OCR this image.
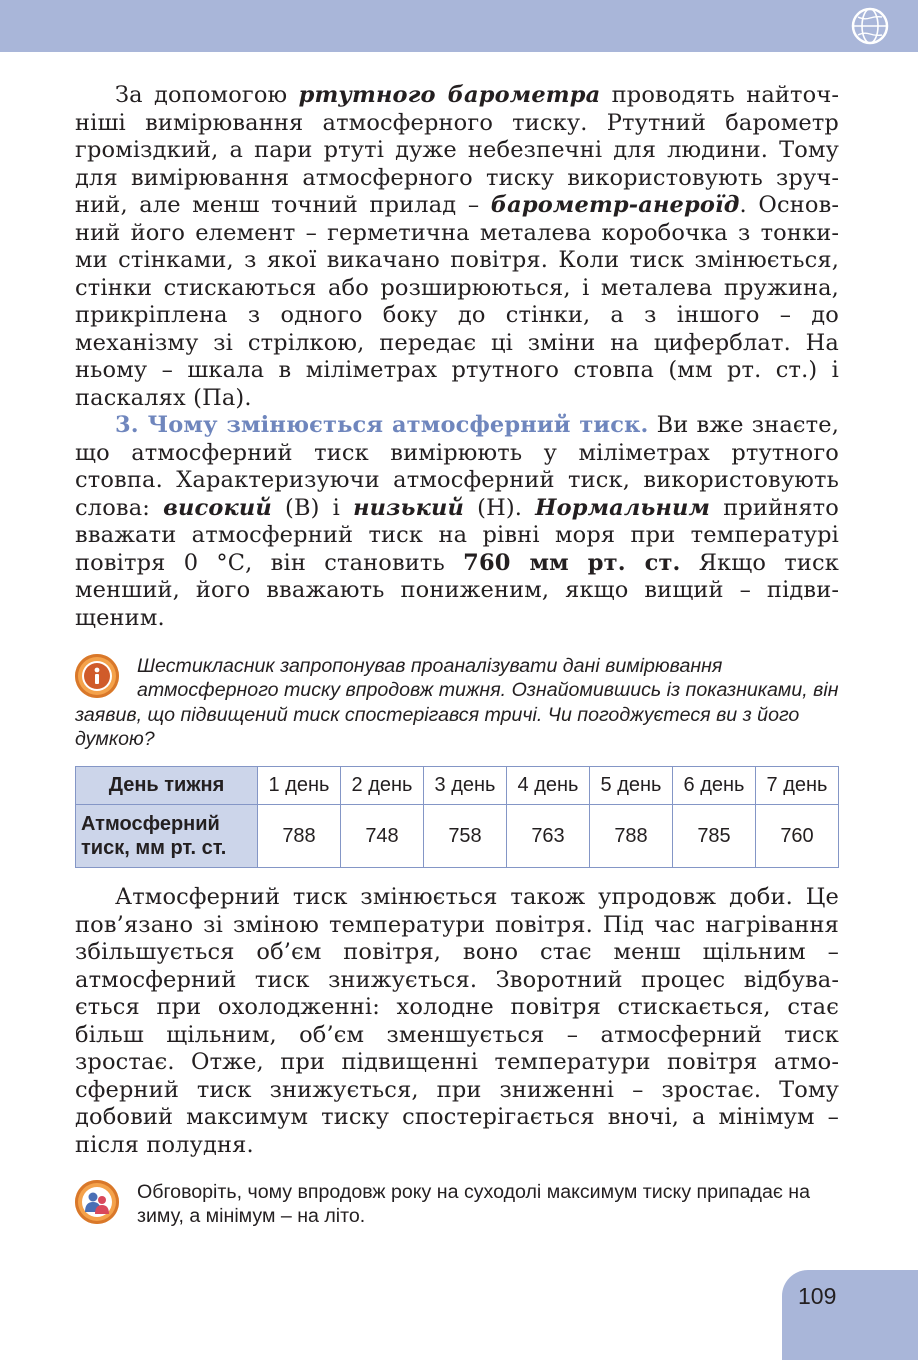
За допомогою ртутного барометра проводять найточніші вимірювання атмосферного тиску. Ртутний барометр громіздкий, а пари ртуті дуже небезпечні для людини. Тому для вимірювання атмосферного тиску використовують зручний, але менш точний прилад – барометр-анероїд. Основний його елемент – герметична металева коробочка з тонкими стінками, з якої викачано повітря. Коли тиск змінюється, стінки стискаються або розширюються, і металева пружина, прикріплена з одного боку до стінки, а з іншого – до механізму зі стрілкою, передає ці зміни на циферблат. На ньому – шкала в міліметрах ртутного стовпа (мм рт. ст.) і паскалях (Па).

3. Чому змінюється атмосферний тиск. Ви вже знаєте, що атмосферний тиск вимірюють у міліметрах ртутного стовпа. Характеризуючи атмосферний тиск, використовують слова: високий (В) і низький (Н). Нормальним прийнято вважати атмосферний тиск на рівні моря при температурі повітря 0 °С, він становить 760 мм рт. ст. Якщо тиск менший, його вважають пониженим, якщо вищий – підвищеним.

Шестикласник запропонував проаналізувати дані вимірювання атмосферного тиску впродовж тижня. Ознайомившись із показниками, він заявив, що підвищений тиск спостерігався тричі. Чи погоджуєтеся ви з його думкою?
День тижня	1 день	2 день	3 день	4 день	5 день	6 день	7 день
Атмосферний тиск, мм рт. ст.	788	748	758	763	788	785	760

Атмосферний тиск змінюється також упродовж доби. Це пов’язано зі зміною температури повітря. Під час нагрівання збільшується об’єм повітря, воно стає менш щільним – атмосферний тиск знижується. Зворотний процес відбувається при охолодженні: холодне повітря стискається, стає більш щільним, об’єм зменшується – атмосферний тиск зростає. Отже, при підвищенні температури повітря атмосферний тиск знижується, при зниженні – зростає. Тому добовий максимум тиску спостерігається вночі, а мінімум – після полудня.

Обговоріть, чому впродовж року на суходолі максимум тиску припадає на зиму, а мінімум – на літо.
109
